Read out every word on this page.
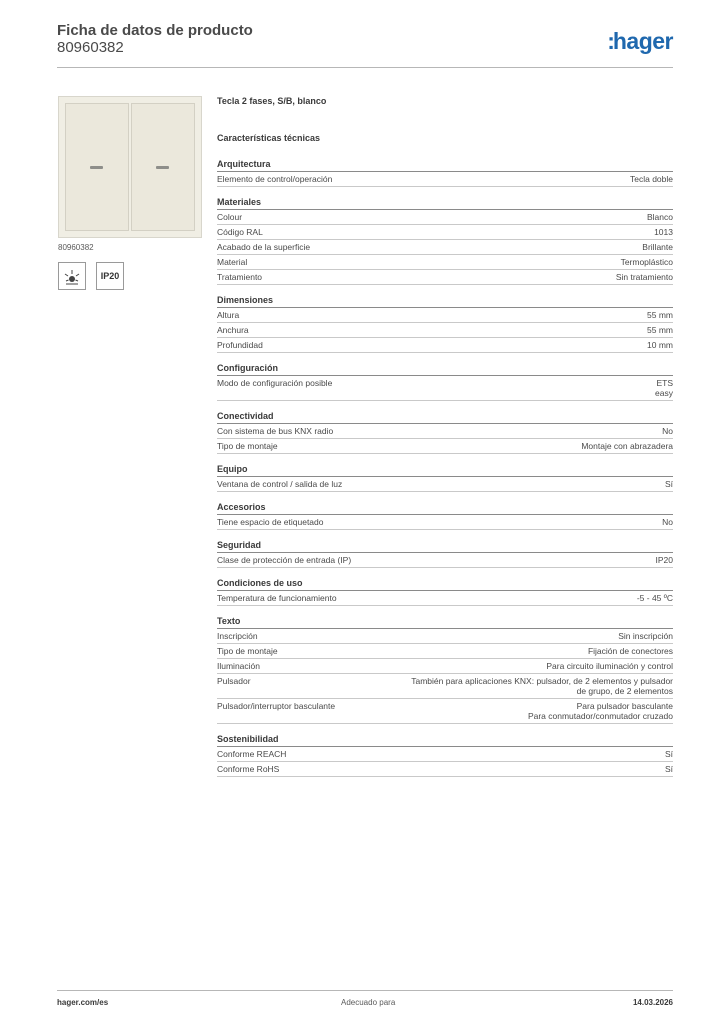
Ficha de datos de producto
80960382	:hager
80960382
IP20
Tecla 2 fases, S/B, blanco
Características técnicas
Arquitectura
Elemento de control/operación	Tecla doble
Materiales
Colour	Blanco
Código RAL	1013
Acabado de la superficie	Brillante
Material	Termoplástico
Tratamiento	Sin tratamiento
Dimensiones
Altura	55 mm
Anchura	55 mm
Profundidad	10 mm
Configuración
Modo de configuración posible	ETS
easy
Conectividad
Con sistema de bus KNX radio	No
Tipo de montaje	Montaje con abrazadera
Equipo
Ventana de control / salida de luz	Sí
Accesorios
Tiene espacio de etiquetado	No
Seguridad
Clase de protección de entrada (IP)	IP20
Condiciones de uso
Temperatura de funcionamiento	-5 - 45 ºC
Texto
Inscripción	Sin inscripción
Tipo de montaje	Fijación de conectores
Iluminación	Para circuito iluminación y control
Pulsador	También para aplicaciones KNX: pulsador, de 2 elementos y pulsador
de grupo, de 2 elementos
Pulsador/interruptor basculante	Para pulsador basculante
Para conmutador/conmutador cruzado
Sostenibilidad
Conforme REACH	Sí
Conforme RoHS	Sí
hager.com/es	Adecuado para	14.03.2026
